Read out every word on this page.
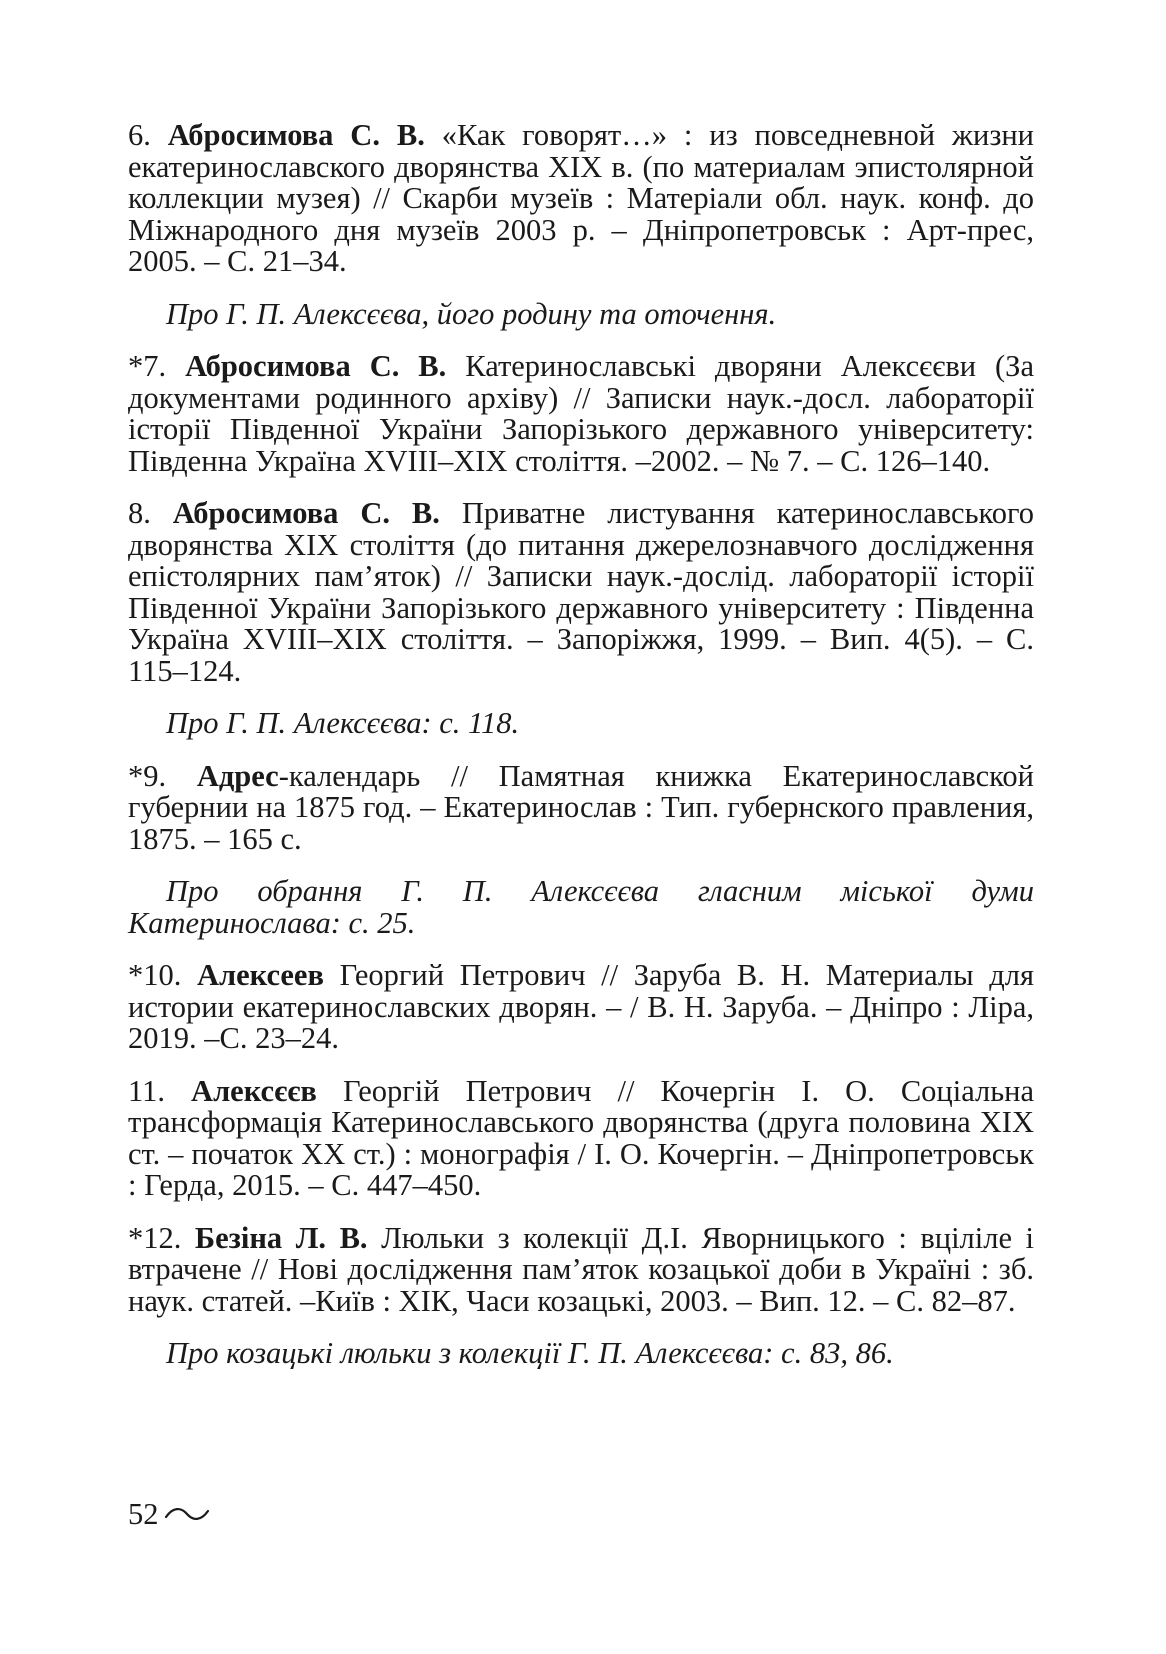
6. Абросимова С. В. «Как говорят…» : из повседневной жизни екатеринославского дворянства XIX в. (по материалам эпистолярной коллекции музея) // Скарби музеїв : Матеріали обл. наук. конф. до Міжнародного дня музеїв 2003 р. – Дніпропетровськ : Арт-прес, 2005. – С. 21–34.

Про Г. П. Алексєєва, його родину та оточення.

*7. Абросимова С. В. Катеринославські дворяни Алексєєви (За документами родинного архіву) // Записки наук.-досл. лабораторії історії Південної України Запорізького державного університету: Південна Україна XVIII–XIX століття. –2002. – № 7. – С. 126–140.

8. Абросимова С. В. Приватне листування катеринославського дворянства XIX століття (до питання джерелознавчого дослідження епістолярних пам’яток) // Записки наук.-дослід. лабораторії історії Південної України Запорізького державного університету : Південна Україна XVIII–XIX століття. – Запоріжжя, 1999. – Вип. 4(5). – С. 115–124.

Про Г. П. Алексєєва: с. 118.

*9. Адрес-календарь // Памятная книжка Екатеринославской губернии на 1875 год. – Екатеринослав : Тип. губернского правления, 1875. – 165 с.

Про обрання Г. П. Алексєєва гласним міської думи Катеринослава: с. 25.

*10. Алексеев Георгий Петрович // Заруба В. Н. Материалы для истории екатеринославских дворян. – / В. Н. Заруба. – Дніпро : Ліра, 2019. –С. 23–24.

11. Алексєєв Георгій Петрович // Кочергін І. О. Соціальна трансформація Катеринославського дворянства (друга половина XIX ст. – початок XX ст.) : монографія / І. О. Кочергін. – Дніпропетровськ : Герда, 2015. – С. 447–450.

*12. Безіна Л. В. Люльки з колекції Д.І. Яворницького : вціліле і втрачене // Нові дослідження пам’яток козацької доби в Україні : зб. наук. статей. –Київ : ХІК, Часи козацькі, 2003. – Вип. 12. – С. 82–87.

Про козацькі люльки з колекції Г. П. Алексєєва: с. 83, 86.

52
